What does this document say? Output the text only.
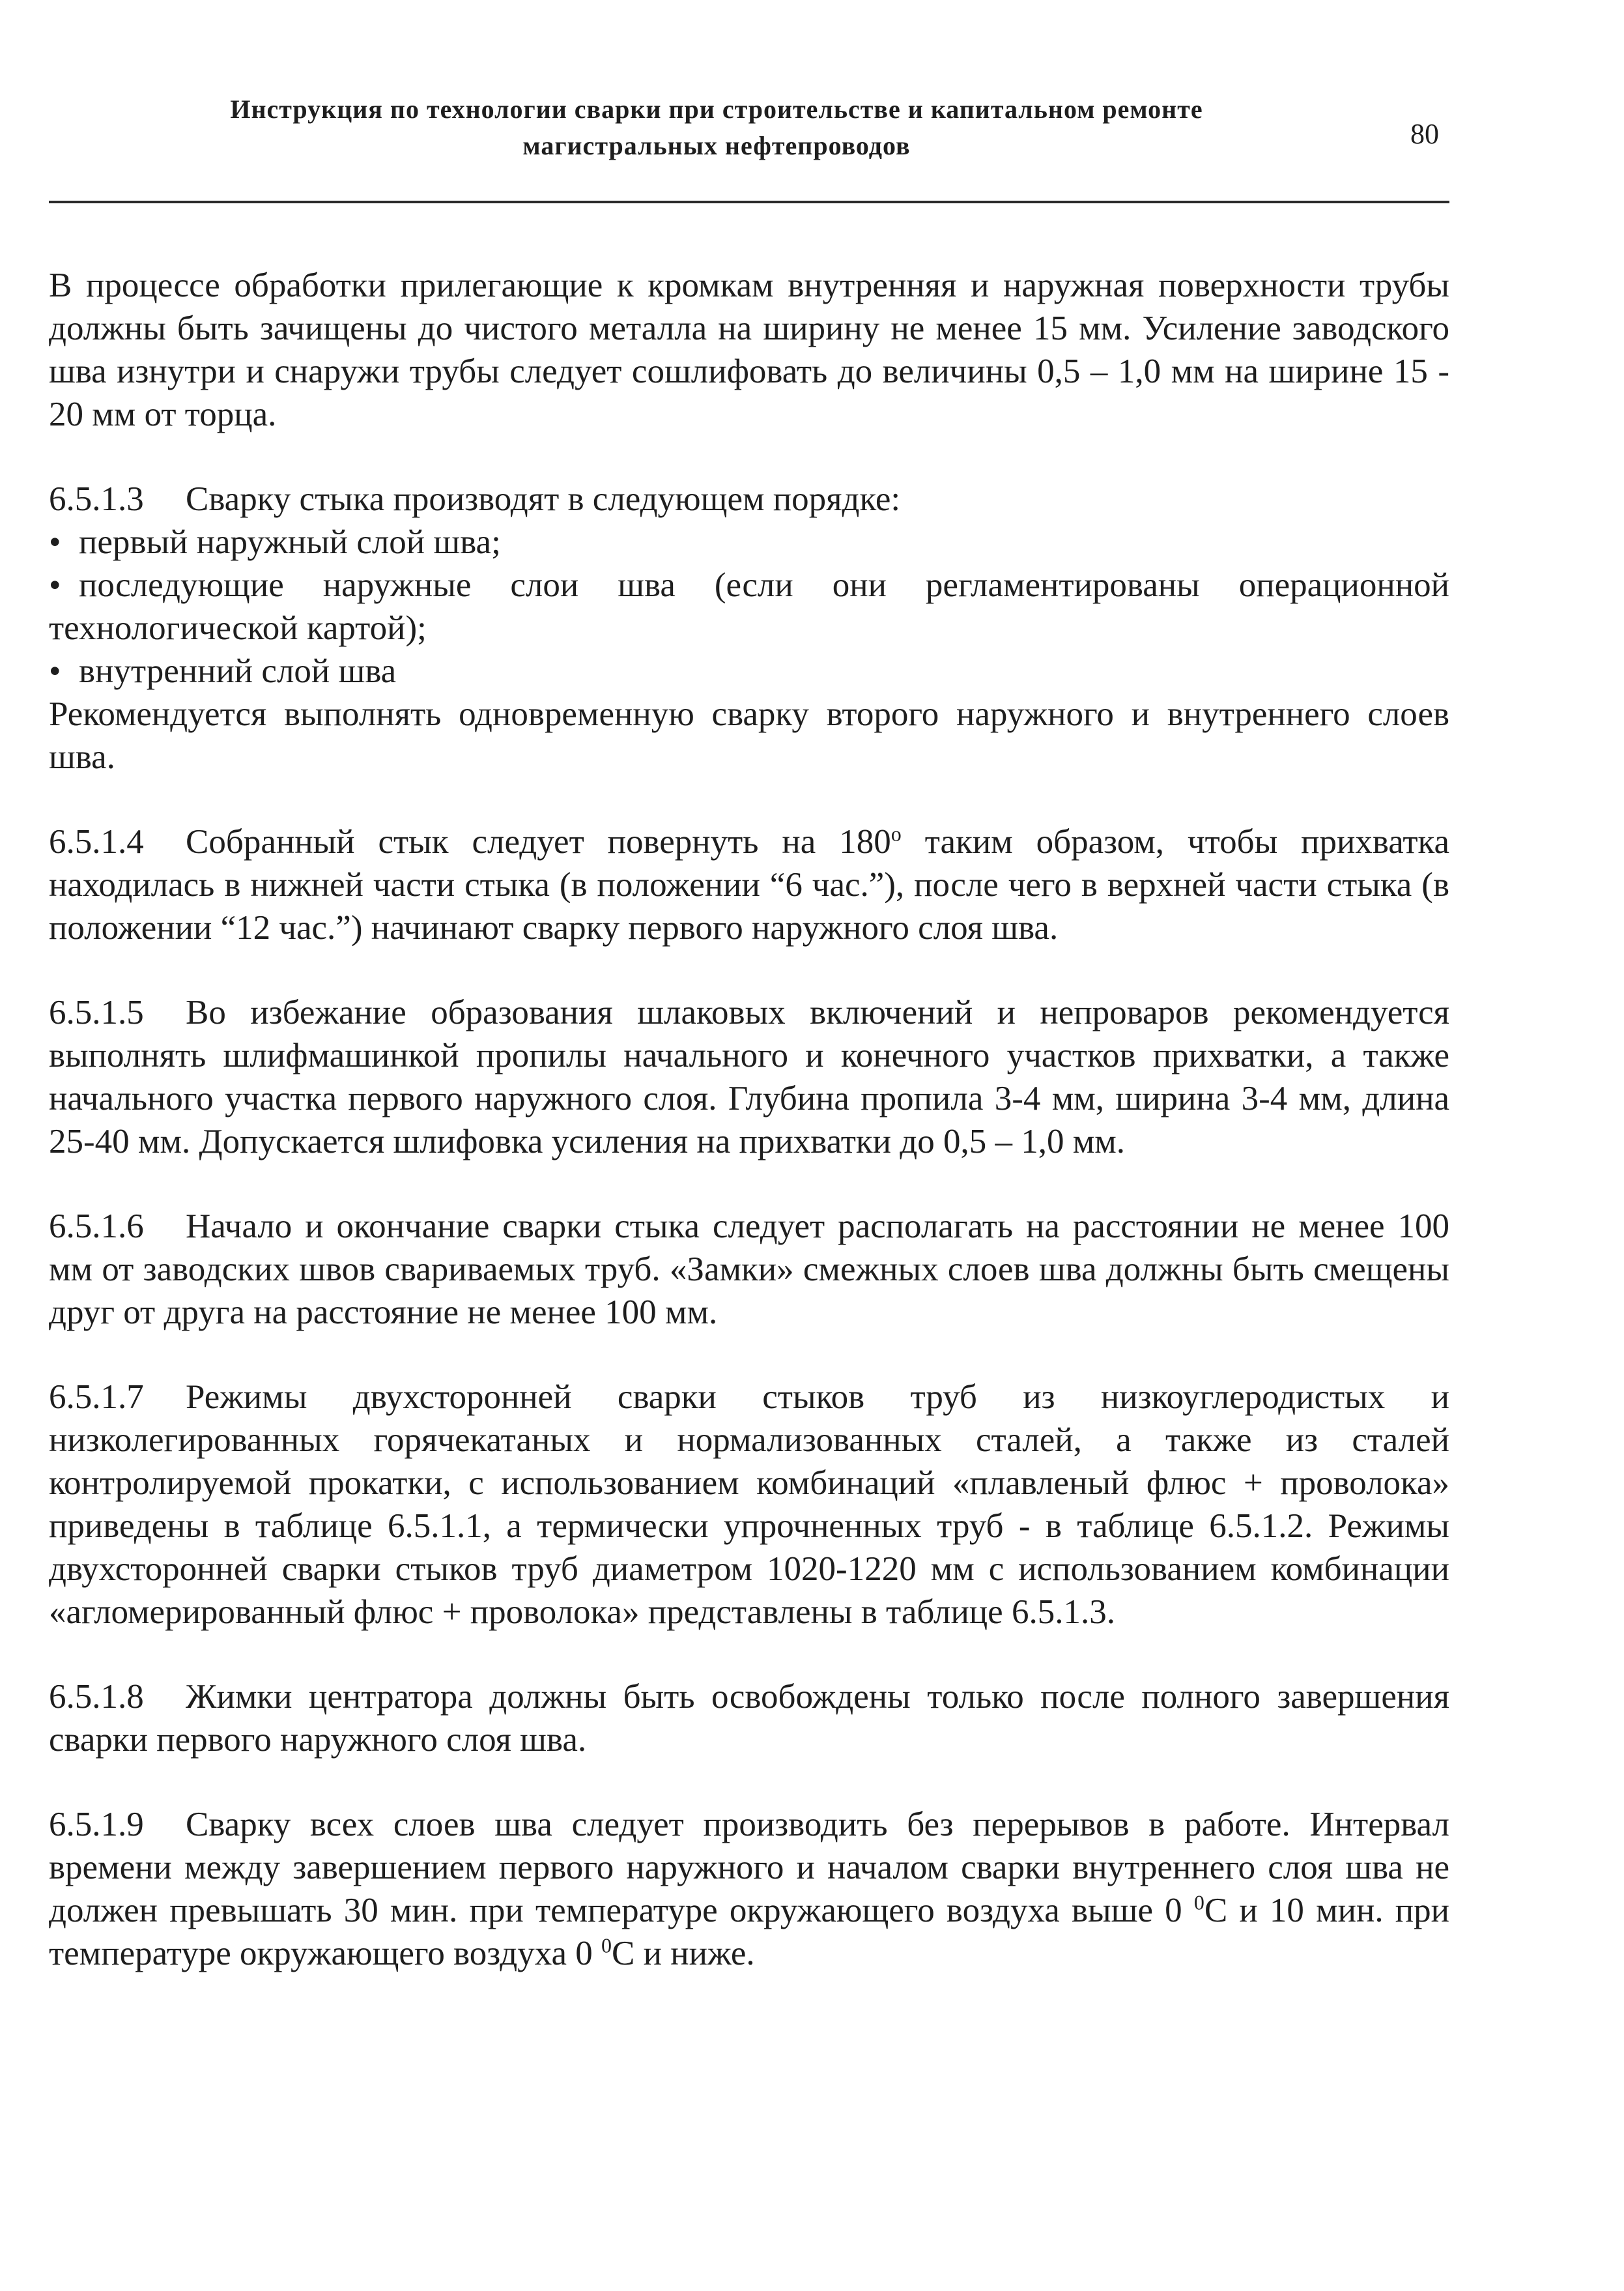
Инструкция по технологии сварки при строительстве и капитальном ремонте
магистральных нефтепроводов	80

В процессе обработки прилегающие к кромкам внутренняя и наружная поверхности трубы должны быть зачищены до чистого металла на ширину не менее 15 мм. Усиление заводского шва изнутри и снаружи трубы следует сошлифовать до величины 0,5 – 1,0 мм на ширине 15 - 20 мм от торца.

6.5.1.3 Сварку стыка производят в следующем порядке:

• первый наружный слой шва;

• последующие наружные слои шва (если они регламентированы операционной технологической картой);

• внутренний слой шва

Рекомендуется выполнять одновременную сварку второго наружного и внутреннего слоев шва.

6.5.1.4 Собранный стык следует повернуть на 180$^o$ таким образом, чтобы прихватка находилась в нижней части стыка (в положении “6 час.”), после чего в верхней части стыка (в положении “12 час.”) начинают сварку первого наружного слоя шва.

6.5.1.5 Во избежание образования шлаковых включений и непроваров рекомендуется выполнять шлифмашинкой пропилы начального и конечного участков прихватки, а также начального участка первого наружного слоя. Глубина пропила 3-4 мм, ширина 3-4 мм, длина 25-40 мм. Допускается шлифовка усиления на прихватки до 0,5 – 1,0 мм.

6.5.1.6 Начало и окончание сварки стыка следует располагать на расстоянии не менее 100 мм от заводских швов свариваемых труб. «Замки» смежных слоев шва должны быть смещены друг от друга на расстояние не менее 100 мм.

6.5.1.7 Режимы двухсторонней сварки стыков труб из низкоуглеродистых и низколегированных горячекатаных и нормализованных сталей, а также из сталей контролируемой прокатки, с использованием комбинаций «плавленый флюс + проволока» приведены в таблице 6.5.1.1, а термически упрочненных труб - в таблице 6.5.1.2. Режимы двухсторонней сварки стыков труб диаметром 1020-1220 мм с использованием комбинации «агломерированный флюс + проволока» представлены в таблице 6.5.1.3.

6.5.1.8 Жимки центратора должны быть освобождены только после полного завершения сварки первого наружного слоя шва.

6.5.1.9 Сварку всех слоев шва следует производить без перерывов в работе. Интервал времени между завершением первого наружного и началом сварки внутреннего слоя шва не должен превышать 30 мин. при температуре окружающего воздуха выше 0 $^0$С и 10 мин. при температуре окружающего воздуха 0 $^0$С и ниже.
